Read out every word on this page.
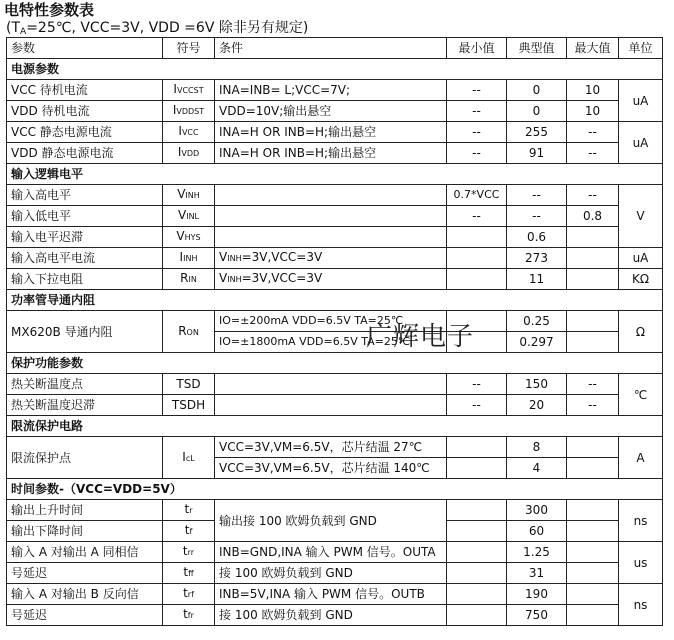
电特性参数表
($T_A=25℃$, VCC=3V, VDD =6V 除非另有规定)
参数	符号	条件	最小值	典型值	最大值	单位
电源参数						
VCC 待机电流	IVCCST	INA=INB= L;VCC=7V;	--	0	10	uA
VDD 待机电流	IVDDST	VDD=10V;输出悬空	--	0	10	
VCC 静态电源电流	IVCC	INA=H OR INB=H;输出悬空	--	255	--	uA
VDD 静态电源电流	IVDD	INA=H OR INB=H;输出悬空	--	91	--	
输入逻辑电平						
输入高电平	VINH		0.7*VCC	--	--	V
输入低电平	VINL		--	--	0.8	
输入电平迟滞	VHYS			0.6		
输入高电平电流	IINH	VINH=3V,VCC=3V		273		uA
输入下拉电阻	RIN	VINH=3V,VCC=3V		11		KΩ
功率管导通内阻						
MX620B 导通内阻	RON	IO=±200mA VDD=6.5V TA=25℃		0.25		Ω
		IO=±1800mA VDD=6.5V TA=25℃		0.297		
保护功能参数						
热关断温度点	TSD		--	150	--	℃
热关断温度迟滞	TSDH		--	20	--	
限流保护电路						
限流保护点	IcL	VCC=3V,VM=6.5V，芯片结温 27℃		8		A
		VCC=3V,VM=6.5V，芯片结温 140℃		4		
时间参数-（VCC=VDD=5V）						
输出上升时间	tr	输出接 100 欧姆负载到 GND		300		ns
输出下降时间	tf			60		
输入 A 对输出 A 同相信	trr	INB=GND,INA 输入 PWM 信号。OUTA		1.25		us
号延迟	tff	接 100 欧姆负载到 GND		31		
输入 A 对输出 B 反向信	trf	INB=5V,INA 输入 PWM 信号。OUTB		190		ns
号延迟	tfr	接 100 欧姆负载到 GND		750		
广辉电子
